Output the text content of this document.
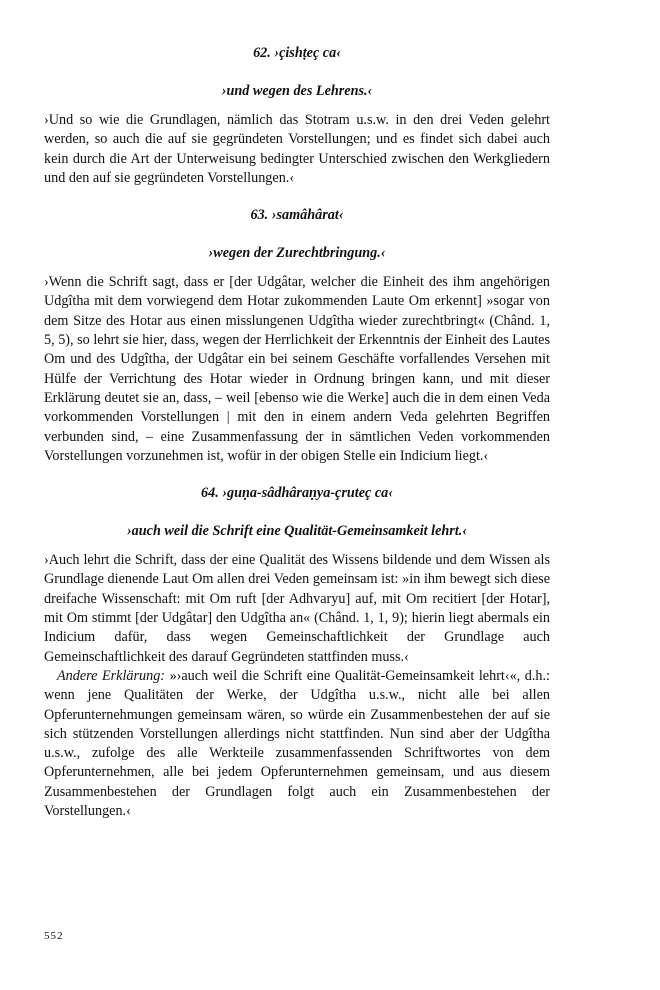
62. ›çishṭeç ca‹
›und wegen des Lehrens.‹

›Und so wie die Grundlagen, nämlich das Stotram u.s.w. in den drei Veden gelehrt werden, so auch die auf sie gegründeten Vorstellungen; und es findet sich dabei auch kein durch die Art der Unterweisung bedingter Unterschied zwischen den Werkgliedern und den auf sie gegründeten Vorstellungen.‹

63. ›samâhârat‹
›wegen der Zurechtbringung.‹

›Wenn die Schrift sagt, dass er [der Udgâtar, welcher die Einheit des ihm angehörigen Udgîtha mit dem vorwiegend dem Hotar zukommenden Laute Om erkennt] »sogar von dem Sitze des Hotar aus einen misslungenen Udgîtha wieder zurechtbringt« (Chând. 1, 5, 5), so lehrt sie hier, dass, wegen der Herrlichkeit der Erkenntnis der Einheit des Lautes Om und des Udgîtha, der Udgâtar ein bei seinem Geschäfte vorfallendes Versehen mit Hülfe der Verrichtung des Hotar wieder in Ordnung bringen kann, und mit dieser Erklärung deutet sie an, dass, – weil [ebenso wie die Werke] auch die in dem einen Veda vorkommenden Vorstellungen | mit den in einem andern Veda gelehrten Begriffen verbunden sind, – eine Zusammenfassung der in sämtlichen Veden vorkommenden Vorstellungen vorzunehmen ist, wofür in der obigen Stelle ein Indicium liegt.‹

64. ›guṇa-sâdhâraṇya-çruteç ca‹
›auch weil die Schrift eine Qualität-Gemeinsamkeit lehrt.‹

›Auch lehrt die Schrift, dass der eine Qualität des Wissens bildende und dem Wissen als Grundlage dienende Laut Om allen drei Veden gemeinsam ist: »in ihm bewegt sich diese dreifache Wissenschaft: mit Om ruft [der Adhvaryu] auf, mit Om recitiert [der Hotar], mit Om stimmt [der Udgâtar] den Udgîtha an« (Chând. 1, 1, 9); hierin liegt abermals ein Indicium dafür, dass wegen Gemeinschaftlichkeit der Grundlage auch Gemeinschaftlichkeit des darauf Gegründeten stattfinden muss.‹

Andere Erklärung: »›auch weil die Schrift eine Qualität-Gemeinsamkeit lehrt‹«, d.h.: wenn jene Qualitäten der Werke, der Udgîtha u.s.w., nicht alle bei allen Opferunternehmungen gemeinsam wären, so würde ein Zusammenbestehen der auf sie sich stützenden Vorstellungen allerdings nicht stattfinden. Nun sind aber der Udgîtha u.s.w., zufolge des alle Werkteile zusammenfassenden Schriftwortes von dem Opferunternehmen, alle bei jedem Opferunternehmen gemeinsam, und aus diesem Zusammenbestehen der Grundlagen folgt auch ein Zusammenbestehen der Vorstellungen.‹

552
